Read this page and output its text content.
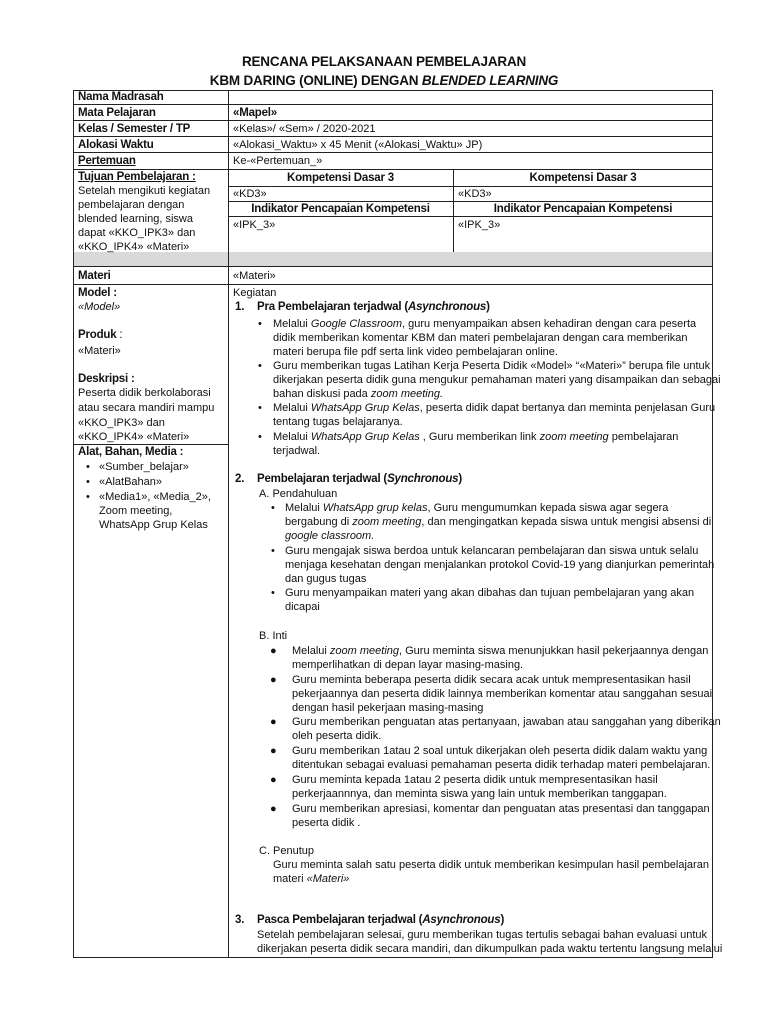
RENCANA PELAKSANAAN PEMBELAJARAN
KBM DARING (ONLINE) DENGAN BLENDED LEARNING
Nama Madrasah
Mata Pelajaran	«Mapel»
Kelas / Semester / TP	«Kelas»/ «Sem» / 2020-2021
Alokasi Waktu	«Alokasi_Waktu» x 45 Menit («Alokasi_Waktu» JP)
Pertemuan	Ke-«Pertemuan_»
Tujuan Pembelajaran :
Setelah mengikuti kegiatan
pembelajaran dengan
blended learning, siswa
dapat «KKO_IPK3» dan
«KKO_IPK4» «Materi»
Kompetensi Dasar 3	Kompetensi Dasar 3
«KD3»	«KD3»
Indikator Pencapaian Kompetensi	Indikator Pencapaian Kompetensi
«IPK_3»	«IPK_3»
Materi	«Materi»
Model :
«Model»
Produk :
«Materi»
Deskripsi :
Peserta didik berkolaborasi
atau secara mandiri mampu
«KKO_IPK3» dan
«KKO_IPK4» «Materi»
Alat, Bahan, Media :
• «Sumber_belajar»
• «AlatBahan»
• «Media1», «Media_2»,
Zoom meeting,
WhatsApp Grup Kelas
Kegiatan
1. Pra Pembelajaran terjadwal (Asynchronous)
• Melalui Google Classroom, guru menyampaikan absen kehadiran dengan cara peserta
didik memberikan komentar KBM dan materi pembelajaran dengan cara memberikan
materi berupa file pdf serta link video pembelajaran online.
• Guru memberikan tugas Latihan Kerja Peserta Didik «Model» “«Materi»” berupa file untuk
dikerjakan peserta didik guna mengukur pemahaman materi yang disampaikan dan sebagai
bahan diskusi pada zoom meeting.
• Melalui WhatsApp Grup Kelas, peserta didik dapat bertanya dan meminta penjelasan Guru
tentang tugas belajaranya.
• Melalui WhatsApp Grup Kelas , Guru memberikan link zoom meeting pembelajaran
terjadwal.
2. Pembelajaran terjadwal (Synchronous)
A. Pendahuluan
• Melalui WhatsApp grup kelas, Guru mengumumkan kepada siswa agar segera
bergabung di zoom meeting, dan mengingatkan kepada siswa untuk mengisi absensi di
google classroom.
• Guru mengajak siswa berdoa untuk kelancaran pembelajaran dan siswa untuk selalu
menjaga kesehatan dengan menjalankan protokol Covid-19 yang dianjurkan pemerintah
dan gugus tugas
• Guru menyampaikan materi yang akan dibahas dan tujuan pembelajaran yang akan
dicapai
B. Inti
● Melalui zoom meeting, Guru meminta siswa menunjukkan hasil pekerjaannya dengan
memperlihatkan di depan layar masing-masing.
● Guru meminta beberapa peserta didik secara acak untuk mempresentasikan hasil
pekerjaannya dan peserta didik lainnya memberikan komentar atau sanggahan sesuai
dengan hasil pekerjaan masing-masing
● Guru memberikan penguatan atas pertanyaan, jawaban atau sanggahan yang diberikan
oleh peserta didik.
● Guru memberikan 1atau 2 soal untuk dikerjakan oleh peserta didik dalam waktu yang
ditentukan sebagai evaluasi pemahaman peserta didik terhadap materi pembelajaran.
● Guru meminta kepada 1atau 2 peserta didik untuk mempresentasikan hasil
perkerjaannnya, dan meminta siswa yang lain untuk memberikan tanggapan.
● Guru memberikan apresiasi, komentar dan penguatan atas presentasi dan tanggapan
peserta didik .
C. Penutup
Guru meminta salah satu peserta didik untuk memberikan kesimpulan hasil pembelajaran
materi «Materi»
3. Pasca Pembelajaran terjadwal (Asynchronous)
Setelah pembelajaran selesai, guru memberikan tugas tertulis sebagai bahan evaluasi untuk
dikerjakan peserta didik secara mandiri, dan dikumpulkan pada waktu tertentu langsung melalui
